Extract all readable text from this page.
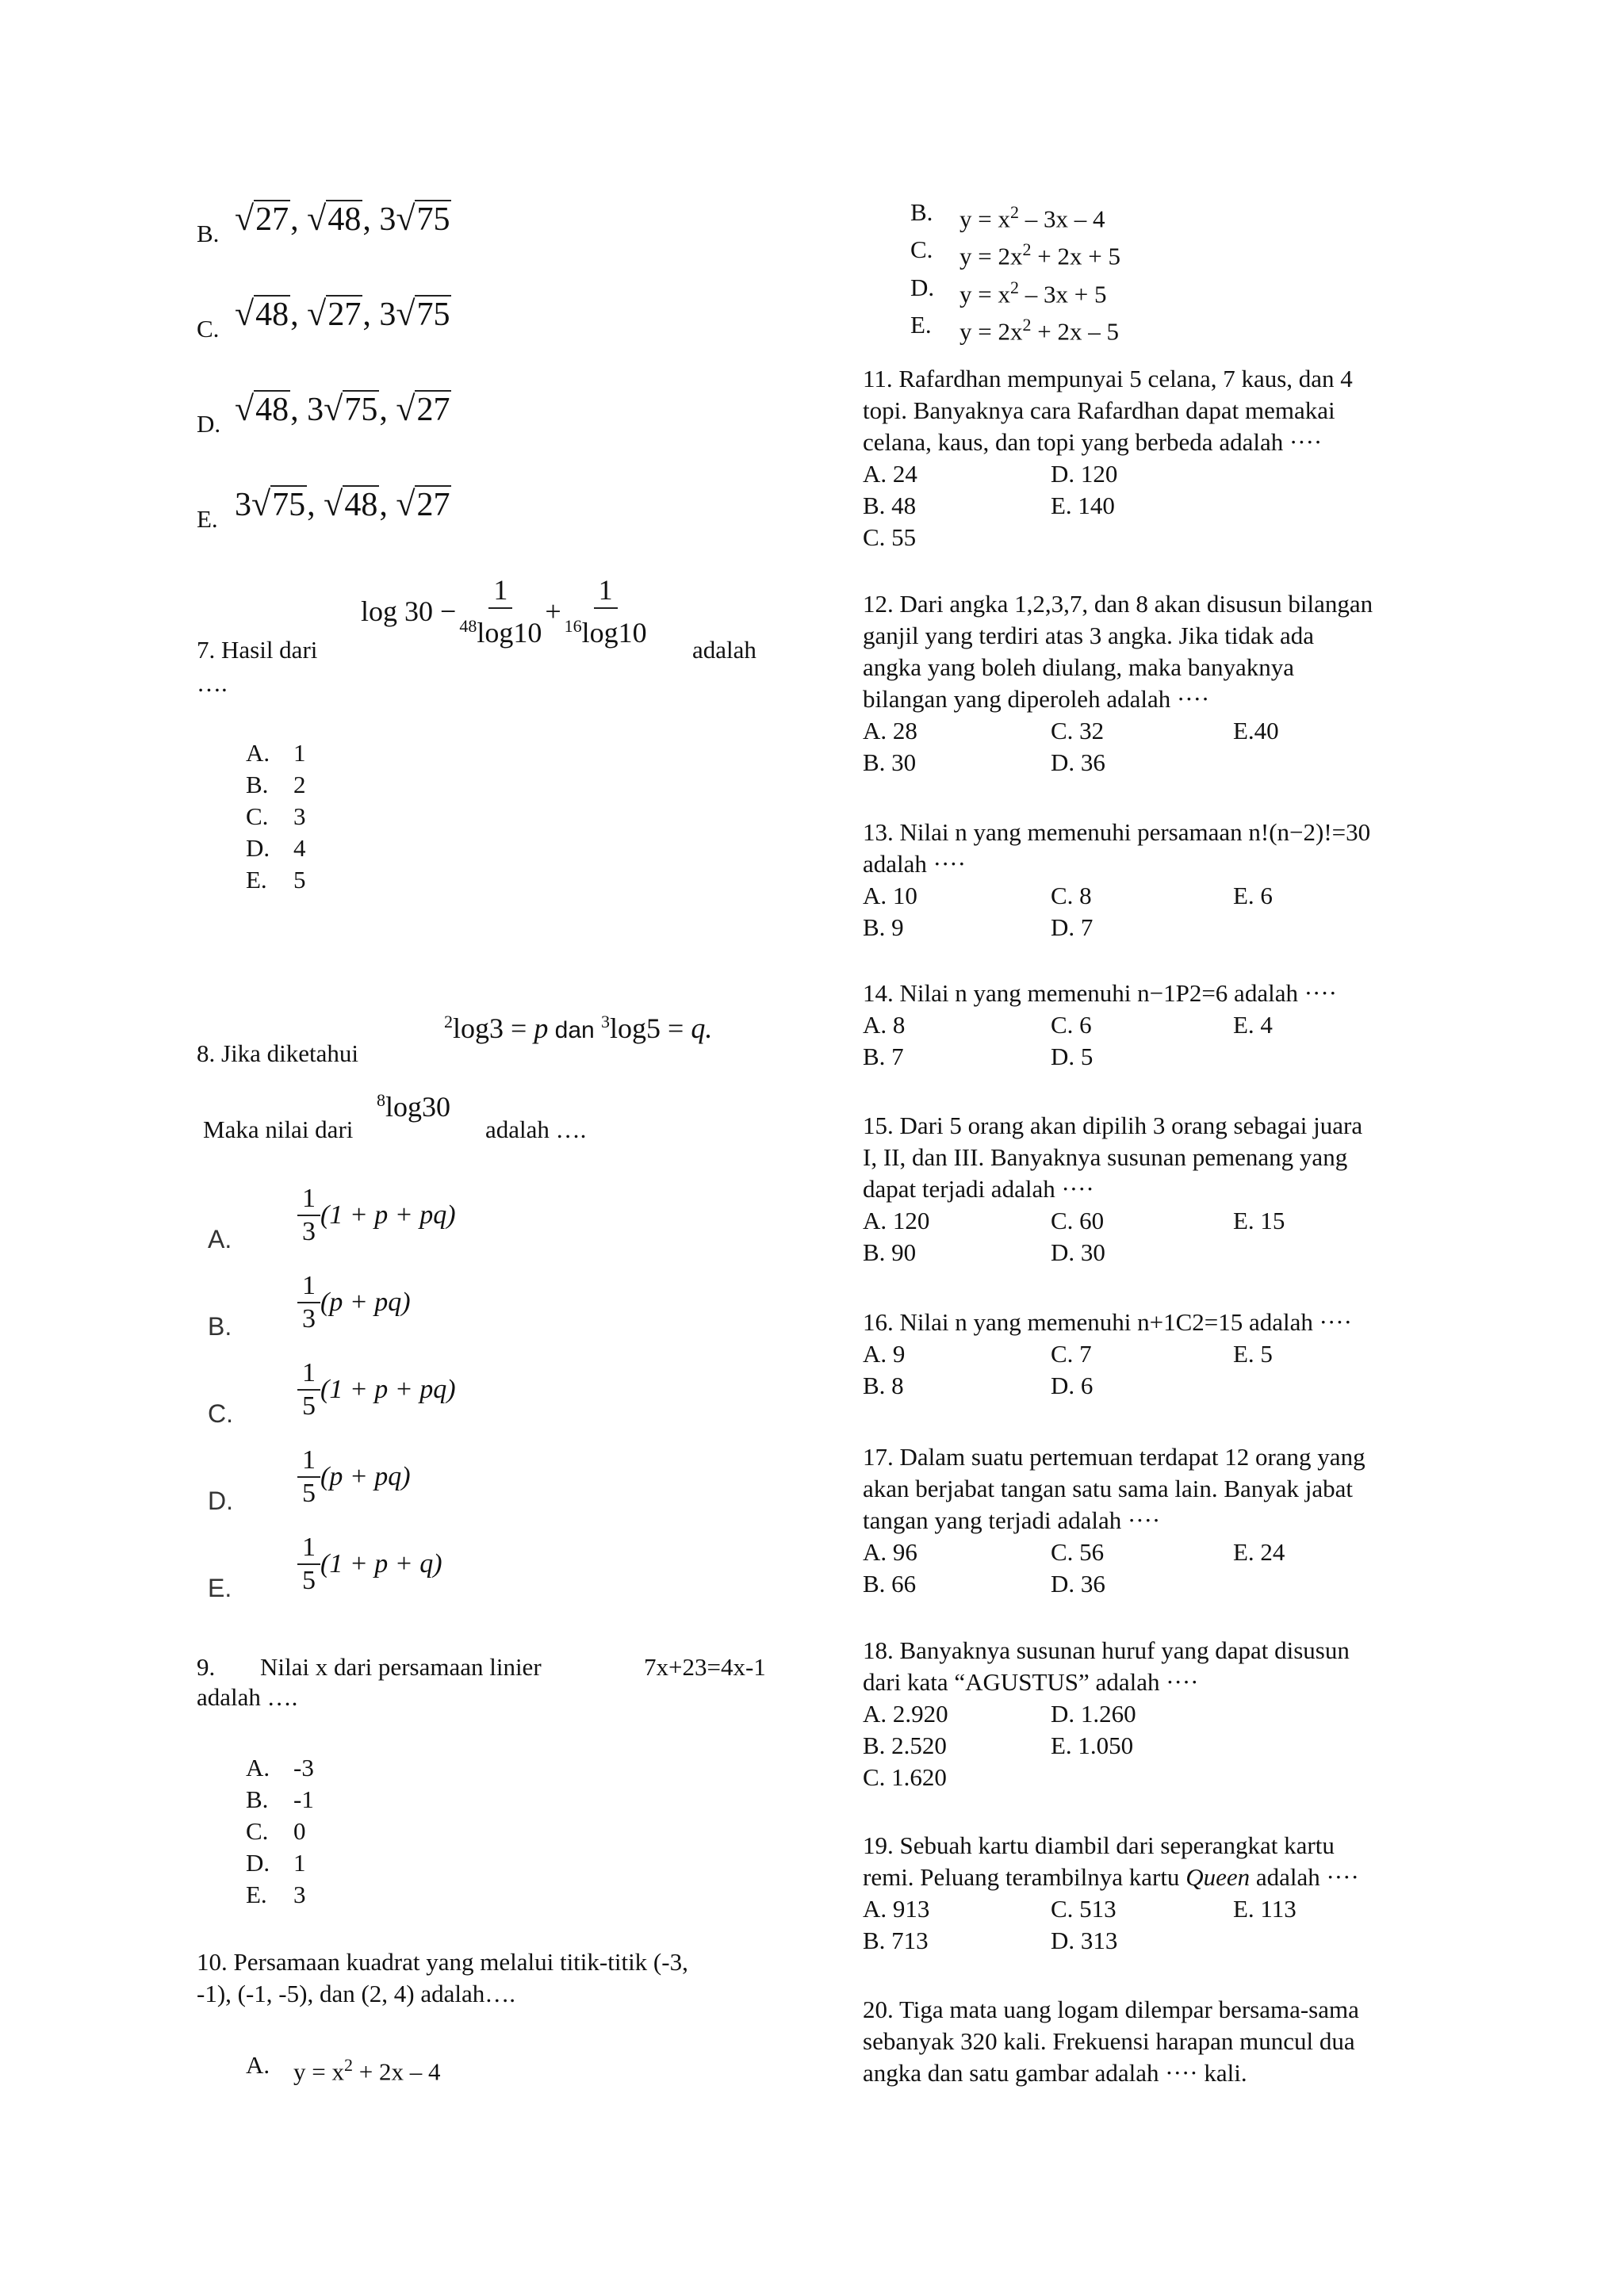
B. √27, √48, 3√75
C. √48, √27, 3√75
D. √48, 3√75, √27
E. 3√75, √48, √27
$\log 30 - \frac{1}{^{48}\log 10} + \frac{1}{^{16}\log 10}$
7. Hasil dari	adalah
….
A. 1
B.	2
C.	3
D. 4
E.	5
8. Jika diketahui
$^2$log3 = p dan $^3$log5 = q.
Maka nilai dari
$^8$log30
adalah ….
A. $\frac{1}{3} (1 + p + pq)$
B. $\frac{1}{3} (p + pq)$
C. $\frac{1}{5} (1 + p + pq)$
D. $\frac{1}{5} (p + pq)$
E. $\frac{1}{5} (1 + p + q)$
9. Nilai x dari persamaan linier	7x+23=4x-1
adalah ….
A. -3
B.	-1
C.	0
D. 1
E.	3
10. Persamaan kuadrat yang melalui titik-titik (-3,
-1), (-1, -5), dan (2, 4) adalah….
A. $y = x^2 + 2x - 4$
B.	$y = x^2 - 3x - 4$
C.	$y = 2x^2 + 2x + 5$
D.	$y = x^2 - 3x + 5$
E.	$y = 2x^2 + 2x - 5$
11. Rafardhan mempunyai 5 celana, 7 kaus, dan 4
topi. Banyaknya cara Rafardhan dapat memakai
celana, kaus, dan topi yang berbeda adalah ····
A. 24	D. 120
B. 48	E. 140
C. 55
12. Dari angka 1,2,3,7, dan 8 akan disusun bilangan
ganjil yang terdiri atas 3 angka. Jika tidak ada
angka yang boleh diulang, maka banyaknya
bilangan yang diperoleh adalah ····
A. 28	C. 32	E.40
B. 30	D. 36
13. Nilai n yang memenuhi persamaan n!(n−2)!=30
adalah ····
A. 10	C. 8	E. 6
B. 9	D. 7
14. Nilai n yang memenuhi n−1P2=6 adalah ····
A. 8	C. 6	E. 4
B. 7	D. 5
15. Dari 5 orang akan dipilih 3 orang sebagai juara
I, II, dan III. Banyaknya susunan pemenang yang
dapat terjadi adalah ····
A. 120	C. 60	E. 15
B. 90	D. 30
16. Nilai n yang memenuhi n+1C2=15 adalah ····
A. 9	C. 7	E. 5
B. 8	D. 6
17. Dalam suatu pertemuan terdapat 12 orang yang
akan berjabat tangan satu sama lain. Banyak jabat
tangan yang terjadi adalah ····
A. 96	C. 56	E. 24
B. 66	D. 36
18. Banyaknya susunan huruf yang dapat disusun
dari kata “AGUSTUS” adalah ····
A. 2.920	D. 1.260
B. 2.520	E. 1.050
C. 1.620
19. Sebuah kartu diambil dari seperangkat kartu
remi. Peluang terambilnya kartu Queen adalah ····
A. 913	C. 513	E. 113
B. 713	D. 313
20. Tiga mata uang logam dilempar bersama-sama
sebanyak 320 kali. Frekuensi harapan muncul dua
angka dan satu gambar adalah ···· kali.
